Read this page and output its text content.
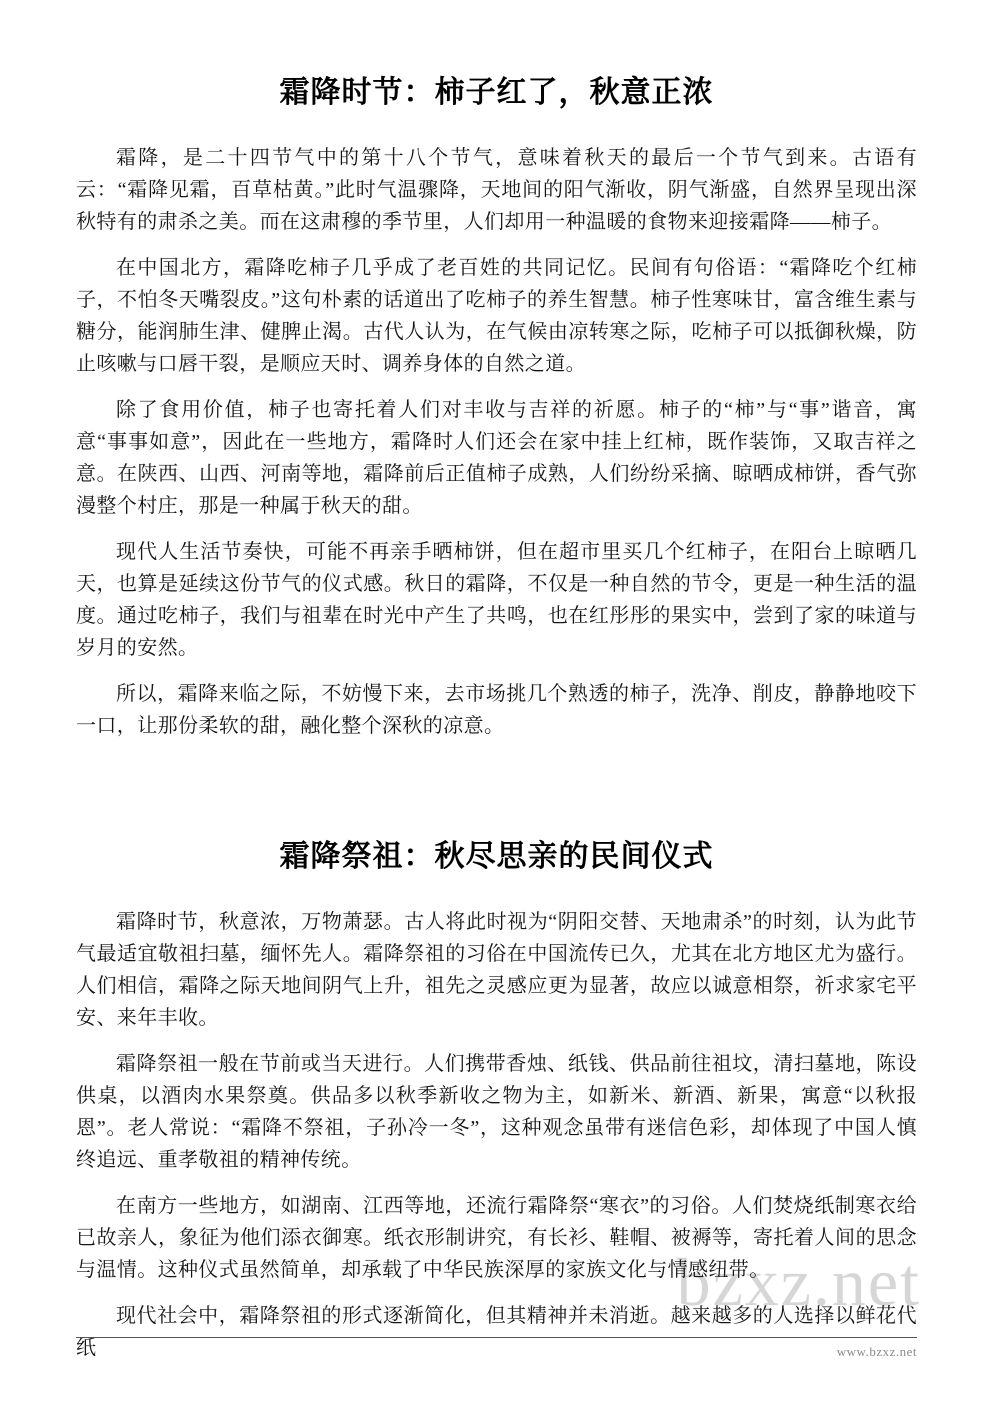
bzxz.net
霜降时节：柿子红了，秋意正浓

霜降，是二十四节气中的第十八个节气，意味着秋天的最后一个节气到来。古语有云：“霜降见霜，百草枯黄。”此时气温骤降，天地间的阳气渐收，阴气渐盛，自然界呈现出深秋特有的肃杀之美。而在这肃穆的季节里，人们却用一种温暖的食物来迎接霜降——柿子。

在中国北方，霜降吃柿子几乎成了老百姓的共同记忆。民间有句俗语：“霜降吃个红柿子，不怕冬天嘴裂皮。”这句朴素的话道出了吃柿子的养生智慧。柿子性寒味甘，富含维生素与糖分，能润肺生津、健脾止渴。古代人认为，在气候由凉转寒之际，吃柿子可以抵御秋燥，防止咳嗽与口唇干裂，是顺应天时、调养身体的自然之道。

除了食用价值，柿子也寄托着人们对丰收与吉祥的祈愿。柿子的“柿”与“事”谐音，寓意“事事如意”，因此在一些地方，霜降时人们还会在家中挂上红柿，既作装饰，又取吉祥之意。在陕西、山西、河南等地，霜降前后正值柿子成熟，人们纷纷采摘、晾晒成柿饼，香气弥漫整个村庄，那是一种属于秋天的甜。

现代人生活节奏快，可能不再亲手晒柿饼，但在超市里买几个红柿子，在阳台上晾晒几天，也算是延续这份节气的仪式感。秋日的霜降，不仅是一种自然的节令，更是一种生活的温度。通过吃柿子，我们与祖辈在时光中产生了共鸣，也在红彤彤的果实中，尝到了家的味道与岁月的安然。

所以，霜降来临之际，不妨慢下来，去市场挑几个熟透的柿子，洗净、削皮，静静地咬下一口，让那份柔软的甜，融化整个深秋的凉意。

霜降祭祖：秋尽思亲的民间仪式

霜降时节，秋意浓，万物萧瑟。古人将此时视为“阴阳交替、天地肃杀”的时刻，认为此节气最适宜敬祖扫墓，缅怀先人。霜降祭祖的习俗在中国流传已久，尤其在北方地区尤为盛行。人们相信，霜降之际天地间阴气上升，祖先之灵感应更为显著，故应以诚意相祭，祈求家宅平安、来年丰收。

霜降祭祖一般在节前或当天进行。人们携带香烛、纸钱、供品前往祖坟，清扫墓地，陈设供桌，以酒肉水果祭奠。供品多以秋季新收之物为主，如新米、新酒、新果，寓意“以秋报恩”。老人常说：“霜降不祭祖，子孙冷一冬”，这种观念虽带有迷信色彩，却体现了中国人慎终追远、重孝敬祖的精神传统。

在南方一些地方，如湖南、江西等地，还流行霜降祭“寒衣”的习俗。人们焚烧纸制寒衣给已故亲人，象征为他们添衣御寒。纸衣形制讲究，有长衫、鞋帽、被褥等，寄托着人间的思念与温情。这种仪式虽然简单，却承载了中华民族深厚的家族文化与情感纽带。

现代社会中，霜降祭祖的形式逐渐简化，但其精神并未消逝。越来越多的人选择以鲜花代纸	www.bzxz.net
